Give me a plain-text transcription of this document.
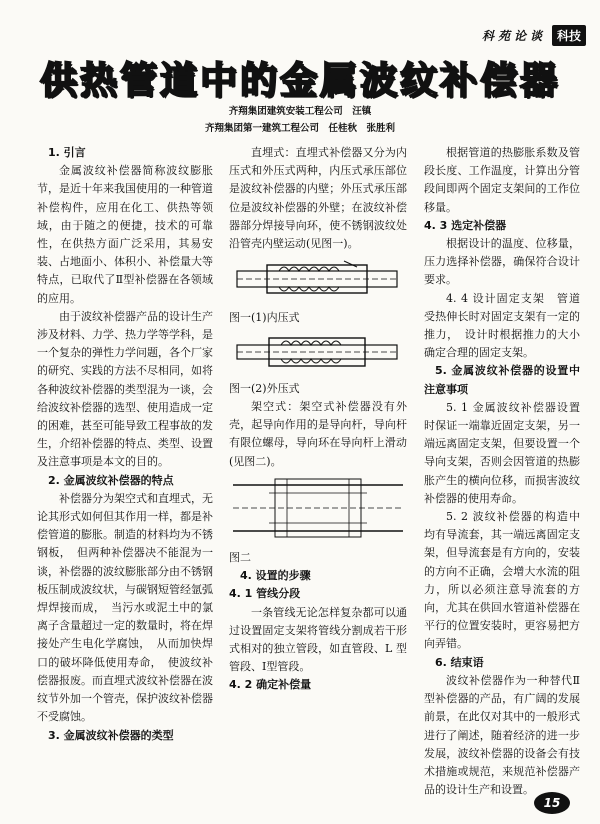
科苑论谈 科技
供热管道中的金属波纹补偿器
齐翔集团建筑安装工程公司　汪镇
齐翔集团第一建筑工程公司　任桂秋　张胜利
1. 引言

金属波纹补偿器简称波纹膨胀节，是近十年来我国使用的一种管道补偿构件，应用在化工、供热等领域，由于随之的便捷，技术的可靠性，在供热方面广泛采用，其易安装、占地面小、体积小、补偿量大等特点，已取代了Ⅱ型补偿器在各领域的应用。

由于波纹补偿器产品的设计生产涉及材料、力学、热力学等学科，是一个复杂的弹性力学问题，各个厂家的研究、实践的方法不尽相同，如将各种波纹补偿器的类型混为一谈，会给波纹补偿器的选型、使用造成一定的困难，甚至可能导致工程事故的发生，介绍补偿器的特点、类型、设置及注意事项是本文的目的。

2. 金属波纹补偿器的特点

补偿器分为架空式和直埋式，无论其形式如何但其作用一样，都是补偿管道的膨胀。制造的材料均为不锈钢板，　但两种补偿器决不能混为一谈，补偿器的波纹膨胀部分由不锈钢板压制成波纹状，与碳钢短管经氩弧焊焊接而成，　当污水或泥土中的氯离子含量超过一定的数量时，将在焊接处产生电化学腐蚀，　从而加快焊口的破坏降低使用寿命，　使波纹补偿器报废。而直埋式波纹补偿器在波纹节外加一个管壳，保护波纹补偿器不受腐蚀。

3. 金属波纹补偿器的类型

直埋式：直埋式补偿器又分为内压式和外压式两种，内压式承压部位是波纹补偿器的内壁；外压式承压部位是波纹补偿器的外壁；在波纹补偿器部分焊接导向环，使不锈钢波纹处沿管壳内壁运动(见图一)。

图一(1)内压式

图一(2)外压式

架空式：架空式补偿器没有外壳，起导向作用的是导向杆，导向杆有限位螺母，导向环在导向杆上滑动(见图二)。

图二

4. 设置的步骤
4. 1 管线分段

一条管线无论怎样复杂都可以通过设置固定支架将管线分割成若干形式相对的独立管段，如直管段、L 型管段、Ⅰ型管段。

4. 2 确定补偿量

根据管道的热膨胀系数及管段长度、工作温度，计算出分管段间即两个固定支架间的工作位移量。

4. 3 选定补偿器

根据设计的温度、位移量，压力选择补偿器，确保符合设计要求。

4. 4 设计固定支架　管道受热伸长时对固定支架有一定的推力，　设计时根据推力的大小确定合理的固定支架。

5. 金属波纹补偿器的设置中注意事项

5. 1 金属波纹补偿器设置时保证一端靠近固定支架，另一端远离固定支架，但要设置一个导向支架，否则会因管道的热膨胀产生的横向位移，而损害波纹补偿器的使用寿命。

5. 2 波纹补偿器的构造中均有导流套，其一端远离固定支架，但导流套是有方向的，安装的方向不正确，会增大水流的阻力，所以必须注意导流套的方向，尤其在供回水管道补偿器在平行的位置安装时，更容易把方向弄错。

6. 结束语

波纹补偿器作为一种替代Ⅱ型补偿器的产品，有广阔的发展前景，在此仅对其中的一般形式进行了阐述，随着经济的进一步发展，波纹补偿器的设备会有技术措施或规范，来规范补偿器产品的设计生产和设置。

15
